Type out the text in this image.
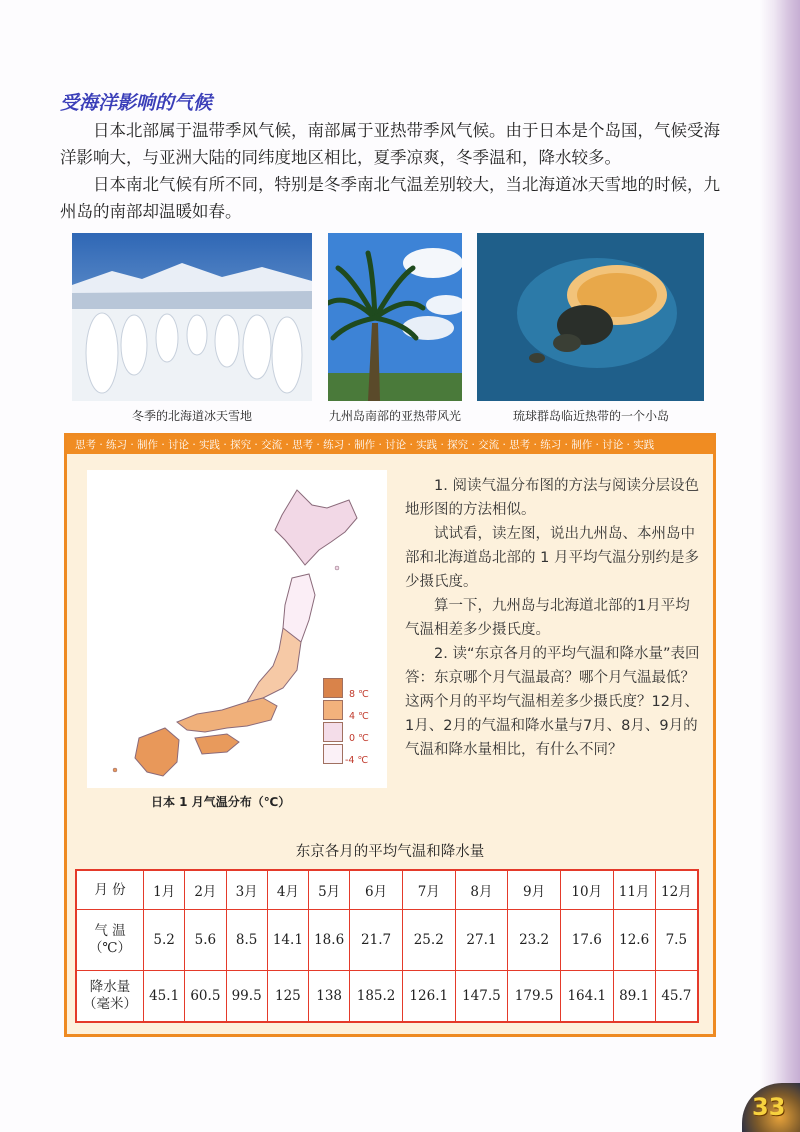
受海洋影响的气候
日本北部属于温带季风气候，南部属于亚热带季风气候。由于日本是个岛国，气候受海洋影响大，与亚洲大陆的同纬度地区相比，夏季凉爽，冬季温和，降水较多。
日本南北气候有所不同，特别是冬季南北气温差别较大，当北海道冰天雪地的时候，九州岛的南部却温暖如春。
冬季的北海道冰天雪地	九州岛南部的亚热带风光	琉球群岛临近热带的一个小岛
思考 · 练习 · 制作 · 讨论 · 实践 · 探究 · 交流 · 思考 · 练习 · 制作 · 讨论 · 实践 · 探究 · 交流 · 思考 · 练习 · 制作 · 讨论 · 实践
8 ℃
4 ℃
0 ℃
-4 ℃
日本 1 月气温分布（℃）
1. 阅读气温分布图的方法与阅读分层设色地形图的方法相似。
试试看，读左图，说出九州岛、本州岛中部和北海道岛北部的 1 月平均气温分别约是多少摄氏度。
算一下，九州岛与北海道北部的1月平均气温相差多少摄氏度。
2. 读“东京各月的平均气温和降水量”表回答：东京哪个月气温最高？哪个月气温最低？这两个月的平均气温相差多少摄氏度？12月、1月、2月的气温和降水量与7月、8月、9月的气温和降水量相比，有什么不同？
东京各月的平均气温和降水量
月 份	1月	2月	3月	4月	5月	6月	7月	8月	9月	10月	11月	12月

气 温
（℃）	5.2	5.6	8.5	14.1	18.6	21.7	25.2	27.1	23.2	17.6	12.6	7.5

降水量
（毫米）	45.1	60.5	99.5	125	138	185.2	126.1	147.5	179.5	164.1	89.1	45.7
33
